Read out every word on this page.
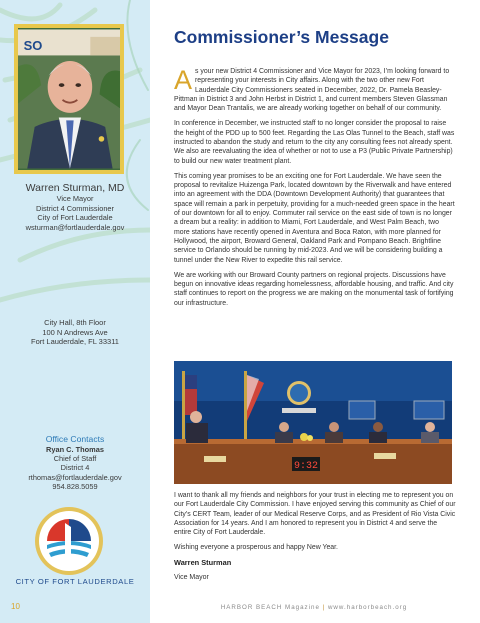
SO
Warren Sturman, MD
Vice Mayor
District 4 Commissioner
City of Fort Lauderdale
wsturman@fortlauderdale.gov
City Hall, 8th Floor
100 N Andrews Ave
Fort Lauderdale, FL 33311
Office Contacts
Ryan C. Thomas
Chief of Staff
District 4
rthomas@fortlauderdale.gov
954.828.5059
CITY OF FORT LAUDERDALE
10
Commissioner’s Message

As your new District 4 Commissioner and Vice Mayor for 2023, I’m looking forward to representing your interests in City affairs. Along with the two other new Fort Lauderdale City Commissioners seated in December, 2022, Dr. Pamela Beasley-Pittman in District 3 and John Herbst in District 1, and current members Steven Glassman and Mayor Dean Trantalis, we are already working together on behalf of our community.

In conference in December, we instructed staff to no longer consider the proposal to raise the height of the PDD up to 500 feet. Regarding the Las Olas Tunnel to the Beach, staff was instructed to abandon the study and return to the city any consulting fees not already spent. We also are reevaluating the idea of whether or not to use a P3 (Public Private Partnership) to build our new water treatment plant.

This coming year promises to be an exciting one for Fort Lauderdale. We have seen the proposal to revitalize Huizenga Park, located downtown by the Riverwalk and have entered into an agreement with the DDA (Downtown Development Authority) that guarantees that space will remain a park in perpetuity, providing for a much-needed green space in the heart of our downtown for all to enjoy. Commuter rail service on the east side of town is no longer a dream but a reality: in addition to Miami, Fort Lauderdale, and West Palm Beach, two more stations have recently opened in Aventura and Boca Raton, with more planned for Hollywood, the airport, Broward General, Oakland Park and Pompano Beach. Brightline service to Orlando should be running by mid-2023. And we will be considering building a tunnel under the New River to expedite this rail service.

We are working with our Broward County partners on regional projects. Discussions have begun on innovative ideas regarding homelessness, affordable housing, and traffic. And city staff continues to report on the progress we are making on the monumental task of fortifying our infrastructure.

9:32

I want to thank all my friends and neighbors for your trust in electing me to represent you on our Fort Lauderdale City Commission. I have enjoyed serving this community as Chief of our City’s CERT Team, leader of our Medical Reserve Corps, and as President of Rio Vista Civic Association for 14 years. And I am honored to represent you in District 4 and serve the entire City of Fort Lauderdale.

Wishing everyone a prosperous and happy New Year.

Warren Sturman

Vice Mayor

HARBOR BEACH Magazine | www.harborbeach.org
